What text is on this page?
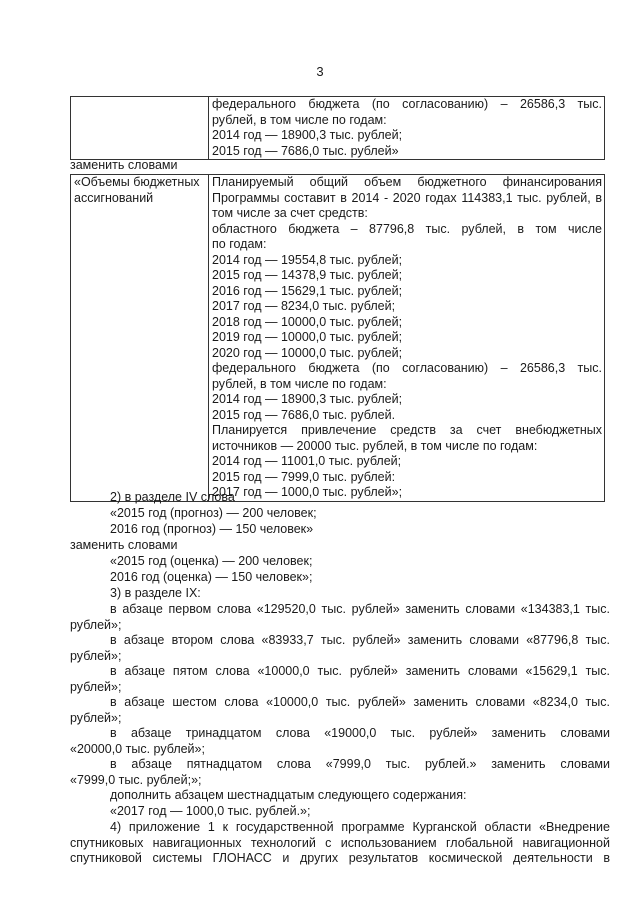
3

федерального бюджета (по согласованию) – 26586,3 тыс.
рублей, в том числе по годам:
2014 год — 18900,3 тыс. рублей;
2015 год — 7686,0 тыс. рублей»
заменить словами
«Объемы бюджетных
ассигнований

Планируемый общий объем бюджетного финансирования
Программы составит в 2014 - 2020 годах 114383,1 тыс. рублей, в
том числе за счет средств:
областного бюджета – 87796,8 тыс. рублей, в том числе
по годам:
2014 год — 19554,8 тыс. рублей;
2015 год — 14378,9 тыс. рублей;
2016 год — 15629,1 тыс. рублей;
2017 год — 8234,0 тыс. рублей;
2018 год — 10000,0 тыс. рублей;
2019 год — 10000,0 тыс. рублей;
2020 год — 10000,0 тыс. рублей;
федерального бюджета (по согласованию) – 26586,3 тыс.
рублей, в том числе по годам:
2014 год — 18900,3 тыс. рублей;
2015 год — 7686,0 тыс. рублей.
Планируется привлечение средств за счет внебюджетных
источников — 20000 тыс. рублей, в том числе по годам:
2014 год — 11001,0 тыс. рублей;
2015 год — 7999,0 тыс. рублей:
2017 год — 1000,0 тыс. рублей»;
2) в разделе IV слова
«2015 год (прогноз) — 200 человек;
2016 год (прогноз) — 150 человек»
заменить словами
«2015 год (оценка) — 200 человек;
2016 год (оценка) — 150 человек»;
3) в разделе IX:
в абзаце первом слова «129520,0 тыс. рублей» заменить словами «134383,1 тыс.
рублей»;
в абзаце втором слова «83933,7 тыс. рублей» заменить словами «87796,8 тыс.
рублей»;
в абзаце пятом слова «10000,0 тыс. рублей» заменить словами «15629,1 тыс.
рублей»;
в абзаце шестом слова «10000,0 тыс. рублей» заменить словами «8234,0 тыс.
рублей»;
в абзаце тринадцатом слова «19000,0 тыс. рублей» заменить словами
«20000,0 тыс. рублей»;
в абзаце пятнадцатом слова «7999,0 тыс. рублей.» заменить словами
«7999,0 тыс. рублей;»;
дополнить абзацем шестнадцатым следующего содержания:
«2017 год — 1000,0 тыс. рублей.»;
4) приложение 1 к государственной программе Курганской области «Внедрение
спутниковых навигационных технологий с использованием глобальной навигационной
спутниковой системы ГЛОНАСС и других результатов космической деятельности в
